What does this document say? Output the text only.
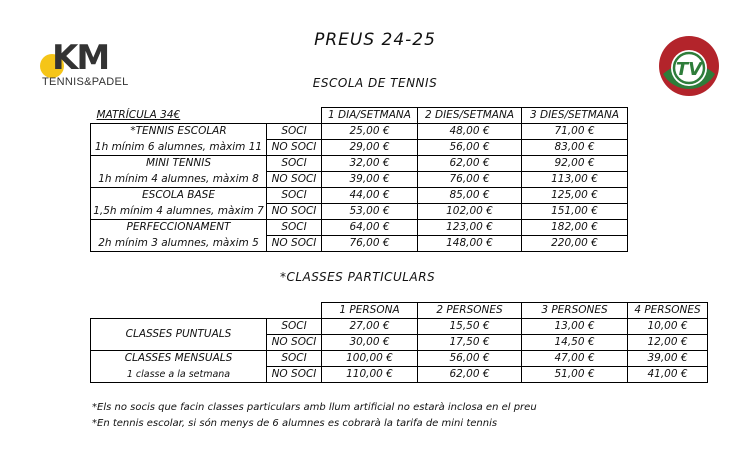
KM
TENNIS&PADEL
TV
PREUS 24-25
ESCOLA DE TENNIS
MATRÍCULA 34€		1 DIA/SETMANA	2 DIES/SETMANA	3 DIES/SETMANA
*TENNIS ESCOLAR	SOCI	25,00 €	48,00 €	71,00 €
1h mínim 6 alumnes, màxim 11	NO SOCI	29,00 €	56,00 €	83,00 €
MINI TENNIS	SOCI	32,00 €	62,00 €	92,00 €
1h mínim 4 alumnes, màxim 8	NO SOCI	39,00 €	76,00 €	113,00 €
ESCOLA BASE	SOCI	44,00 €	85,00 €	125,00 €
1,5h mínim 4 alumnes, màxim 7	NO SOCI	53,00 €	102,00 €	151,00 €
PERFECCIONAMENT	SOCI	64,00 €	123,00 €	182,00 €
2h mínim 3 alumnes, màxim 5	NO SOCI	76,00 €	148,00 €	220,00 €
*CLASSES PARTICULARS
		1 PERSONA	2 PERSONES	3 PERSONES	4 PERSONES
CLASSES PUNTUALS	SOCI	27,00 €	15,50 €	13,00 €	10,00 €
	NO SOCI	30,00 €	17,50 €	14,50 €	12,00 €
CLASSES MENSUALS	SOCI	100,00 €	56,00 €	47,00 €	39,00 €
1 classe a la setmana	NO SOCI	110,00 €	62,00 €	51,00 €	41,00 €
*Els no socis que facin classes particulars amb llum artificial no estarà inclosa en el preu
*En tennis escolar, si són menys de 6 alumnes es cobrarà la tarifa de mini tennis
